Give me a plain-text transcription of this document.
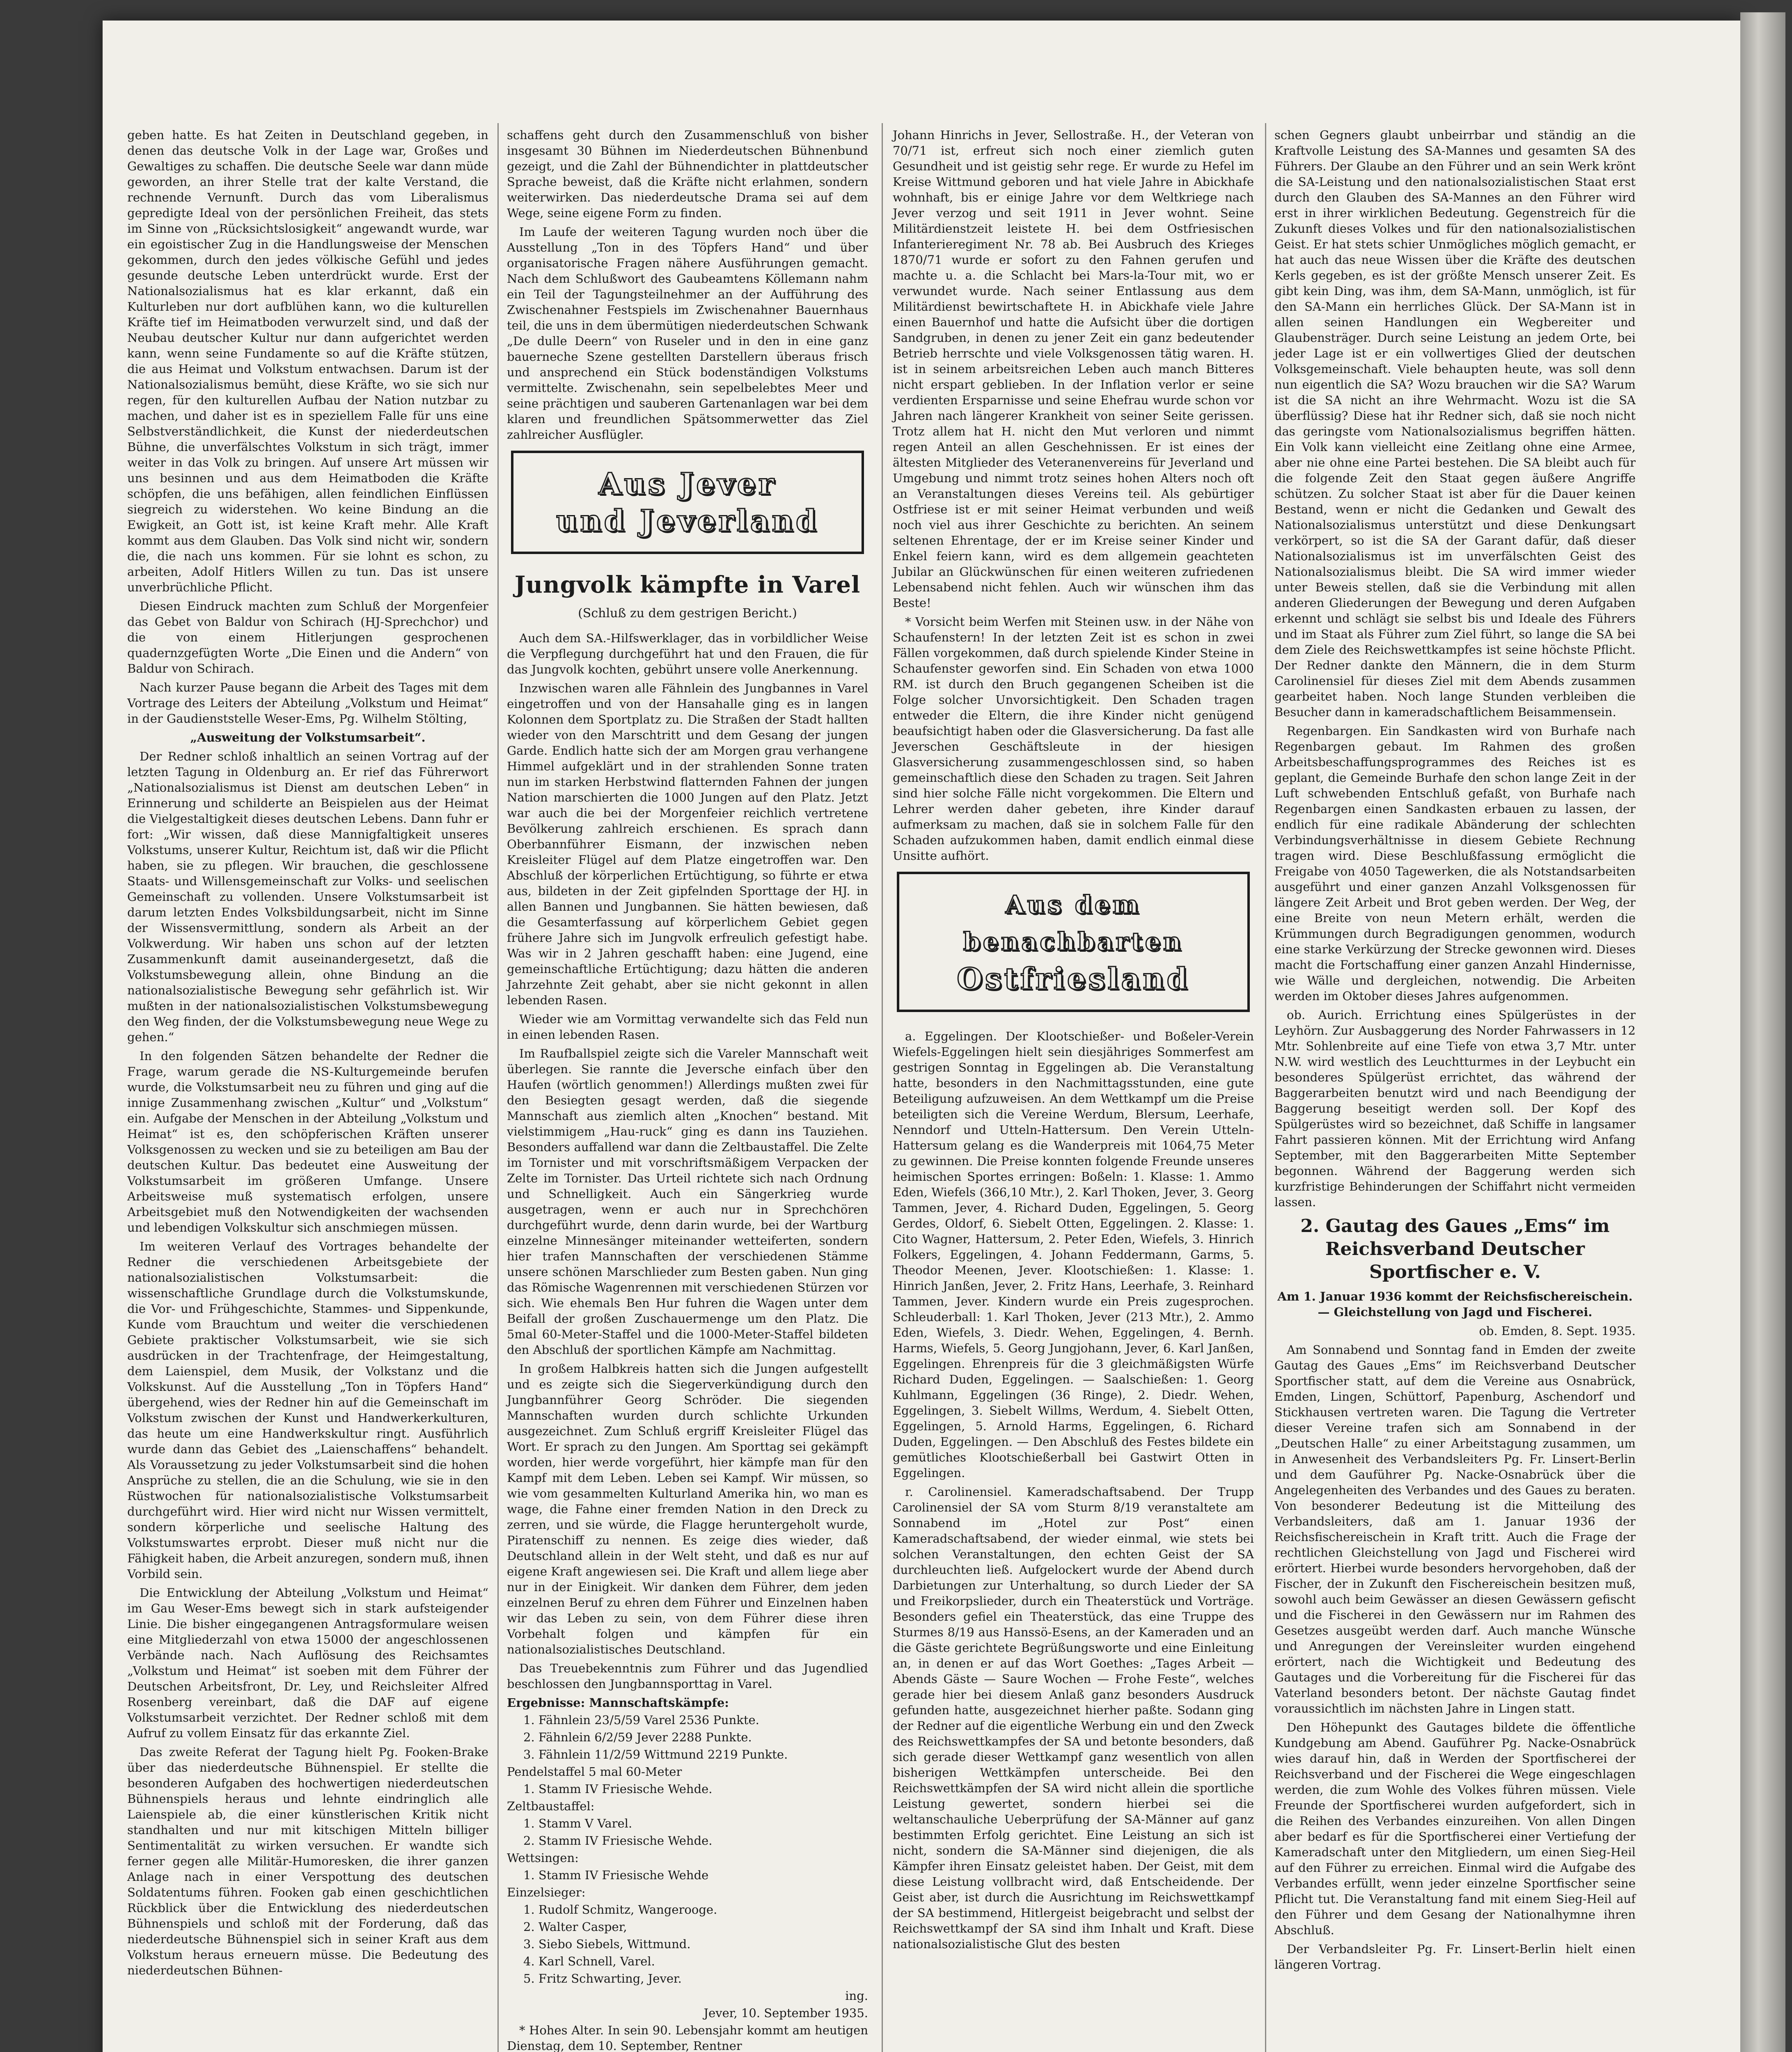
geben hatte. Es hat Zeiten in Deutschland gegeben, in denen das deutsche Volk in der Lage war, Großes und Gewaltiges zu schaffen. Die deutsche Seele war dann müde geworden, an ihrer Stelle trat der kalte Verstand, die rechnende Vernunft. Durch das vom Liberalismus gepredigte Ideal von der persönlichen Freiheit, das stets im Sinne von „Rücksichtslosigkeit“ angewandt wurde, war ein egoistischer Zug in die Handlungsweise der Menschen gekommen, durch den jedes völkische Gefühl und jedes gesunde deutsche Leben unterdrückt wurde. Erst der Nationalsozialismus hat es klar erkannt, daß ein Kulturleben nur dort aufblühen kann, wo die kulturellen Kräfte tief im Heimatboden verwurzelt sind, und daß der Neubau deutscher Kultur nur dann aufgerichtet werden kann, wenn seine Fundamente so auf die Kräfte stützen, die aus Heimat und Volkstum entwachsen. Darum ist der Nationalsozialismus bemüht, diese Kräfte, wo sie sich nur regen, für den kulturellen Aufbau der Nation nutzbar zu machen, und daher ist es in speziellem Falle für uns eine Selbstverständlichkeit, die Kunst der niederdeutschen Bühne, die unverfälschtes Volkstum in sich trägt, immer weiter in das Volk zu bringen. Auf unsere Art müssen wir uns besinnen und aus dem Heimatboden die Kräfte schöpfen, die uns befähigen, allen feindlichen Einflüssen siegreich zu widerstehen. Wo keine Bindung an die Ewigkeit, an Gott ist, ist keine Kraft mehr. Alle Kraft kommt aus dem Glauben. Das Volk sind nicht wir, sondern die, die nach uns kommen. Für sie lohnt es schon, zu arbeiten, Adolf Hitlers Willen zu tun. Das ist unsere unverbrüchliche Pflicht.

Diesen Eindruck machten zum Schluß der Morgenfeier das Gebet von Baldur von Schirach (HJ-Sprechchor) und die von einem Hitlerjungen gesprochenen quadernzgefügten Worte „Die Einen und die Andern“ von Baldur von Schirach.

Nach kurzer Pause begann die Arbeit des Tages mit dem Vortrage des Leiters der Abteilung „Volkstum und Heimat“ in der Gaudienststelle Weser-Ems, Pg. Wilhelm Stölting,

„Ausweitung der Volkstumsarbeit“.

Der Redner schloß inhaltlich an seinen Vortrag auf der letzten Tagung in Oldenburg an. Er rief das Führerwort „Nationalsozialismus ist Dienst am deutschen Leben“ in Erinnerung und schilderte an Beispielen aus der Heimat die Vielgestaltigkeit dieses deutschen Lebens. Dann fuhr er fort: „Wir wissen, daß diese Mannigfaltigkeit unseres Volkstums, unserer Kultur, Reichtum ist, daß wir die Pflicht haben, sie zu pflegen. Wir brauchen, die geschlossene Staats- und Willensgemeinschaft zur Volks- und seelischen Gemeinschaft zu vollenden. Unsere Volkstumsarbeit ist darum letzten Endes Volksbildungsarbeit, nicht im Sinne der Wissensvermittlung, sondern als Arbeit an der Volkwerdung. Wir haben uns schon auf der letzten Zusammenkunft damit auseinandergesetzt, daß die Volkstumsbewegung allein, ohne Bindung an die nationalsozialistische Bewegung sehr gefährlich ist. Wir mußten in der nationalsozialistischen Volkstumsbewegung den Weg finden, der die Volkstumsbewegung neue Wege zu gehen.“

In den folgenden Sätzen behandelte der Redner die Frage, warum gerade die NS-Kulturgemeinde berufen wurde, die Volkstumsarbeit neu zu führen und ging auf die innige Zusammenhang zwischen „Kultur“ und „Volkstum“ ein. Aufgabe der Menschen in der Abteilung „Volkstum und Heimat“ ist es, den schöpferischen Kräften unserer Volksgenossen zu wecken und sie zu beteiligen am Bau der deutschen Kultur. Das bedeutet eine Ausweitung der Volkstumsarbeit im größeren Umfange. Unsere Arbeitsweise muß systematisch erfolgen, unsere Arbeitsgebiet muß den Notwendigkeiten der wachsenden und lebendigen Volkskultur sich anschmiegen müssen.

Im weiteren Verlauf des Vortrages behandelte der Redner die verschiedenen Arbeitsgebiete der nationalsozialistischen Volkstumsarbeit: die wissenschaftliche Grundlage durch die Volkstumskunde, die Vor- und Frühgeschichte, Stammes- und Sippenkunde, Kunde vom Brauchtum und weiter die verschiedenen Gebiete praktischer Volkstumsarbeit, wie sie sich ausdrücken in der Trachtenfrage, der Heimgestaltung, dem Laienspiel, dem Musik, der Volkstanz und die Volkskunst. Auf die Ausstellung „Ton in Töpfers Hand“ übergehend, wies der Redner hin auf die Gemeinschaft im Volkstum zwischen der Kunst und Handwerkerkulturen, das heute um eine Handwerkskultur ringt. Ausführlich wurde dann das Gebiet des „Laienschaffens“ behandelt. Als Voraussetzung zu jeder Volkstumsarbeit sind die hohen Ansprüche zu stellen, die an die Schulung, wie sie in den Rüstwochen für nationalsozialistische Volkstumsarbeit durchgeführt wird. Hier wird nicht nur Wissen vermittelt, sondern körperliche und seelische Haltung des Volkstumswartes erprobt. Dieser muß nicht nur die Fähigkeit haben, die Arbeit anzuregen, sondern muß, ihnen Vorbild sein.

Die Entwicklung der Abteilung „Volkstum und Heimat“ im Gau Weser-Ems bewegt sich in stark aufsteigender Linie. Die bisher eingegangenen Antragsformulare weisen eine Mitgliederzahl von etwa 15000 der angeschlossenen Verbände nach. Nach Auflösung des Reichsamtes „Volkstum und Heimat“ ist soeben mit dem Führer der Deutschen Arbeitsfront, Dr. Ley, und Reichsleiter Alfred Rosenberg vereinbart, daß die DAF auf eigene Volkstumsarbeit verzichtet. Der Redner schloß mit dem Aufruf zu vollem Einsatz für das erkannte Ziel.

Das zweite Referat der Tagung hielt Pg. Fooken-Brake über das niederdeutsche Bühnenspiel. Er stellte die besonderen Aufgaben des hochwertigen niederdeutschen Bühnenspiels heraus und lehnte eindringlich alle Laienspiele ab, die einer künstlerischen Kritik nicht standhalten und nur mit kitschigen Mitteln billiger Sentimentalität zu wirken versuchen. Er wandte sich ferner gegen alle Militär-Humoresken, die ihrer ganzen Anlage nach in einer Verspottung des deutschen Soldatentums führen. Fooken gab einen geschichtlichen Rückblick über die Entwicklung des niederdeutschen Bühnenspiels und schloß mit der Forderung, daß das niederdeutsche Bühnenspiel sich in seiner Kraft aus dem Volkstum heraus erneuern müsse. Die Bedeutung des niederdeutschen Bühnen-

schaffens geht durch den Zusammenschluß von bisher insgesamt 30 Bühnen im Niederdeutschen Bühnenbund gezeigt, und die Zahl der Bühnendichter in plattdeutscher Sprache beweist, daß die Kräfte nicht erlahmen, sondern weiterwirken. Das niederdeutsche Drama sei auf dem Wege, seine eigene Form zu finden.

Im Laufe der weiteren Tagung wurden noch über die Ausstellung „Ton in des Töpfers Hand“ und über organisatorische Fragen nähere Ausführungen gemacht. Nach dem Schlußwort des Gaubeamtens Köllemann nahm ein Teil der Tagungsteilnehmer an der Aufführung des Zwischenahner Festspiels im Zwischenahner Bauernhaus teil, die uns in dem übermütigen niederdeutschen Schwank „De dulle Deern“ von Ruseler und in den in eine ganz bauerneche Szene gestellten Darstellern überaus frisch und ansprechend ein Stück bodenständigen Volkstums vermittelte. Zwischenahn, sein sepelbelebtes Meer und seine prächtigen und sauberen Gartenanlagen war bei dem klaren und freundlichen Spätsommerwetter das Ziel zahlreicher Ausflügler.

Aus Jever
und Jeverland
Jungvolk kämpfte in Varel
(Schluß zu dem gestrigen Bericht.)

Auch dem SA.-Hilfswerklager, das in vorbildlicher Weise die Verpflegung durchgeführt hat und den Frauen, die für das Jungvolk kochten, gebührt unsere volle Anerkennung.

Inzwischen waren alle Fähnlein des Jungbannes in Varel eingetroffen und von der Hansahalle ging es in langen Kolonnen dem Sportplatz zu. Die Straßen der Stadt hallten wieder von den Marschtritt und dem Gesang der jungen Garde. Endlich hatte sich der am Morgen grau verhangene Himmel aufgeklärt und in der strahlenden Sonne traten nun im starken Herbstwind flatternden Fahnen der jungen Nation marschierten die 1000 Jungen auf den Platz. Jetzt war auch die bei der Morgenfeier reichlich vertretene Bevölkerung zahlreich erschienen. Es sprach dann Oberbannführer Eismann, der inzwischen neben Kreisleiter Flügel auf dem Platze eingetroffen war. Den Abschluß der körperlichen Ertüchtigung, so führte er etwa aus, bildeten in der Zeit gipfelnden Sporttage der HJ. in allen Bannen und Jungbannen. Sie hätten bewiesen, daß die Gesamterfassung auf körperlichem Gebiet gegen frühere Jahre sich im Jungvolk erfreulich gefestigt habe. Was wir in 2 Jahren geschafft haben: eine Jugend, eine gemeinschaftliche Ertüchtigung; dazu hätten die anderen Jahrzehnte Zeit gehabt, aber sie nicht gekonnt in allen lebenden Rasen.

Wieder wie am Vormittag verwandelte sich das Feld nun in einen lebenden Rasen.

Im Raufballspiel zeigte sich die Vareler Mannschaft weit überlegen. Sie rannte die Jeversche einfach über den Haufen (wörtlich genommen!) Allerdings mußten zwei für den Besiegten gesagt werden, daß die siegende Mannschaft aus ziemlich alten „Knochen“ bestand. Mit vielstimmigem „Hau-ruck“ ging es dann ins Tauziehen. Besonders auffallend war dann die Zeltbaustaffel. Die Zelte im Tornister und mit vorschriftsmäßigem Verpacken der Zelte im Tornister. Das Urteil richtete sich nach Ordnung und Schnelligkeit. Auch ein Sängerkrieg wurde ausgetragen, wenn er auch nur in Sprechchören durchgeführt wurde, denn darin wurde, bei der Wartburg einzelne Minnesänger miteinander wetteiferten, sondern hier trafen Mannschaften der verschiedenen Stämme unsere schönen Marschlieder zum Besten gaben. Nun ging das Römische Wagenrennen mit verschiedenen Stürzen vor sich. Wie ehemals Ben Hur fuhren die Wagen unter dem Beifall der großen Zuschauermenge um den Platz. Die 5mal 60-Meter-Staffel und die 1000-Meter-Staffel bildeten den Abschluß der sportlichen Kämpfe am Nachmittag.

In großem Halbkreis hatten sich die Jungen aufgestellt und es zeigte sich die Siegerverkündigung durch den Jungbannführer Georg Schröder. Die siegenden Mannschaften wurden durch schlichte Urkunden ausgezeichnet. Zum Schluß ergriff Kreisleiter Flügel das Wort. Er sprach zu den Jungen. Am Sporttag sei gekämpft worden, hier werde vorgeführt, hier kämpfe man für den Kampf mit dem Leben. Leben sei Kampf. Wir müssen, so wie vom gesammelten Kulturland Amerika hin, wo man es wage, die Fahne einer fremden Nation in den Dreck zu zerren, und sie würde, die Flagge heruntergeholt wurde, Piratenschiff zu nennen. Es zeige dies wieder, daß Deutschland allein in der Welt steht, und daß es nur auf eigene Kraft angewiesen sei. Die Kraft und allem liege aber nur in der Einigkeit. Wir danken dem Führer, dem jeden einzelnen Beruf zu ehren dem Führer und Einzelnen haben wir das Leben zu sein, von dem Führer diese ihren Vorbehalt folgen und kämpfen für ein nationalsozialistisches Deutschland.

Das Treuebekenntnis zum Führer und das Jugendlied beschlossen den Jungbannsporttag in Varel.

Ergebnisse: Mannschaftskämpfe:

1. Fähnlein 23/5/59 Varel 2536 Punkte.

2. Fähnlein 6/2/59 Jever 2288 Punkte.

3. Fähnlein 11/2/59 Wittmund 2219 Punkte.

Pendelstaffel 5 mal 60-Meter

1. Stamm IV Friesische Wehde.

Zeltbaustaffel:

1. Stamm V Varel.

2. Stamm IV Friesische Wehde.

Wettsingen:

1. Stamm IV Friesische Wehde

Einzelsieger:

1. Rudolf Schmitz, Wangerooge.

2. Walter Casper,

3. Siebo Siebels, Wittmund.

4. Karl Schnell, Varel.

5. Fritz Schwarting, Jever.

ing.

Jever, 10. September 1935.

* Hohes Alter. In sein 90. Lebensjahr kommt am heutigen Dienstag, dem 10. September, Rentner

Johann Hinrichs in Jever, Sellostraße. H., der Veteran von 70/71 ist, erfreut sich noch einer ziemlich guten Gesundheit und ist geistig sehr rege. Er wurde zu Hefel im Kreise Wittmund geboren und hat viele Jahre in Abickhafe wohnhaft, bis er einige Jahre vor dem Weltkriege nach Jever verzog und seit 1911 in Jever wohnt. Seine Militärdienstzeit leistete H. bei dem Ostfriesischen Infanterieregiment Nr. 78 ab. Bei Ausbruch des Krieges 1870/71 wurde er sofort zu den Fahnen gerufen und machte u. a. die Schlacht bei Mars-la-Tour mit, wo er verwundet wurde. Nach seiner Entlassung aus dem Militärdienst bewirtschaftete H. in Abickhafe viele Jahre einen Bauernhof und hatte die Aufsicht über die dortigen Sandgruben, in denen zu jener Zeit ein ganz bedeutender Betrieb herrschte und viele Volksgenossen tätig waren. H. ist in seinem arbeitsreichen Leben auch manch Bitteres nicht erspart geblieben. In der Inflation verlor er seine verdienten Ersparnisse und seine Ehefrau wurde schon vor Jahren nach längerer Krankheit von seiner Seite gerissen. Trotz allem hat H. nicht den Mut verloren und nimmt regen Anteil an allen Geschehnissen. Er ist eines der ältesten Mitglieder des Veteranenvereins für Jeverland und Umgebung und nimmt trotz seines hohen Alters noch oft an Veranstaltungen dieses Vereins teil. Als gebürtiger Ostfriese ist er mit seiner Heimat verbunden und weiß noch viel aus ihrer Geschichte zu berichten. An seinem seltenen Ehrentage, der er im Kreise seiner Kinder und Enkel feiern kann, wird es dem allgemein geachteten Jubilar an Glückwünschen für einen weiteren zufriedenen Lebensabend nicht fehlen. Auch wir wünschen ihm das Beste!

* Vorsicht beim Werfen mit Steinen usw. in der Nähe von Schaufenstern! In der letzten Zeit ist es schon in zwei Fällen vorgekommen, daß durch spielende Kinder Steine in Schaufenster geworfen sind. Ein Schaden von etwa 1000 RM. ist durch den Bruch gegangenen Scheiben ist die Folge solcher Unvorsichtigkeit. Den Schaden tragen entweder die Eltern, die ihre Kinder nicht genügend beaufsichtigt haben oder die Glasversicherung. Da fast alle Jeverschen Geschäftsleute in der hiesigen Glasversicherung zusammengeschlossen sind, so haben gemeinschaftlich diese den Schaden zu tragen. Seit Jahren sind hier solche Fälle nicht vorgekommen. Die Eltern und Lehrer werden daher gebeten, ihre Kinder darauf aufmerksam zu machen, daß sie in solchem Falle für den Schaden aufzukommen haben, damit endlich einmal diese Unsitte aufhört.

Aus dem benachbarten
Ostfriesland

a. Eggelingen. Der Klootschießer- und Boßeler-Verein Wiefels-Eggelingen hielt sein diesjähriges Sommerfest am gestrigen Sonntag in Eggelingen ab. Die Veranstaltung hatte, besonders in den Nachmittagsstunden, eine gute Beteiligung aufzuweisen. An dem Wettkampf um die Preise beteiligten sich die Vereine Werdum, Blersum, Leerhafe, Nenndorf und Utteln-Hattersum. Den Verein Utteln-Hattersum gelang es die Wanderpreis mit 1064,75 Meter zu gewinnen. Die Preise konnten folgende Freunde unseres heimischen Sportes erringen: Boßeln: 1. Klasse: 1. Ammo Eden, Wiefels (366,10 Mtr.), 2. Karl Thoken, Jever, 3. Georg Tammen, Jever, 4. Richard Duden, Eggelingen, 5. Georg Gerdes, Oldorf, 6. Siebelt Otten, Eggelingen. 2. Klasse: 1. Cito Wagner, Hattersum, 2. Peter Eden, Wiefels, 3. Hinrich Folkers, Eggelingen, 4. Johann Feddermann, Garms, 5. Theodor Meenen, Jever. Klootschießen: 1. Klasse: 1. Hinrich Janßen, Jever, 2. Fritz Hans, Leerhafe, 3. Reinhard Tammen, Jever. Kindern wurde ein Preis zugesprochen. Schleuderball: 1. Karl Thoken, Jever (213 Mtr.), 2. Ammo Eden, Wiefels, 3. Diedr. Wehen, Eggelingen, 4. Bernh. Harms, Wiefels, 5. Georg Jungjohann, Jever, 6. Karl Janßen, Eggelingen. Ehrenpreis für die 3 gleichmäßigsten Würfe Richard Duden, Eggelingen. — Saalschießen: 1. Georg Kuhlmann, Eggelingen (36 Ringe), 2. Diedr. Wehen, Eggelingen, 3. Siebelt Willms, Werdum, 4. Siebelt Otten, Eggelingen, 5. Arnold Harms, Eggelingen, 6. Richard Duden, Eggelingen. — Den Abschluß des Festes bildete ein gemütliches Klootschießerball bei Gastwirt Otten in Eggelingen.

r. Carolinensiel. Kameradschaftsabend. Der Trupp Carolinensiel der SA vom Sturm 8/19 veranstaltete am Sonnabend im „Hotel zur Post“ einen Kameradschaftsabend, der wieder einmal, wie stets bei solchen Veranstaltungen, den echten Geist der SA durchleuchten ließ. Aufgelockert wurde der Abend durch Darbietungen zur Unterhaltung, so durch Lieder der SA und Freikorpslieder, durch ein Theaterstück und Vorträge. Besonders gefiel ein Theaterstück, das eine Truppe des Sturmes 8/19 aus Hanssö-Esens, an der Kameraden und an die Gäste gerichtete Begrüßungsworte und eine Einleitung an, in denen er auf das Wort Goethes: „Tages Arbeit — Abends Gäste — Saure Wochen — Frohe Feste“, welches gerade hier bei diesem Anlaß ganz besonders Ausdruck gefunden hatte, ausgezeichnet hierher paßte. Sodann ging der Redner auf die eigentliche Werbung ein und den Zweck des Reichswettkampfes der SA und betonte besonders, daß sich gerade dieser Wettkampf ganz wesentlich von allen bisherigen Wettkämpfen unterscheide. Bei den Reichswettkämpfen der SA wird nicht allein die sportliche Leistung gewertet, sondern hierbei sei die weltanschauliche Ueberprüfung der SA-Männer auf ganz bestimmten Erfolg gerichtet. Eine Leistung an sich ist nicht, sondern die SA-Männer sind diejenigen, die als Kämpfer ihren Einsatz geleistet haben. Der Geist, mit dem diese Leistung vollbracht wird, daß Entscheidende. Der Geist aber, ist durch die Ausrichtung im Reichswettkampf der SA bestimmend, Hitlergeist beigebracht und selbst der Reichswettkampf der SA sind ihm Inhalt und Kraft. Diese nationalsozialistische Glut des besten

schen Gegners glaubt unbeirrbar und ständig an die Kraftvolle Leistung des SA-Mannes und gesamten SA des Führers. Der Glaube an den Führer und an sein Werk krönt die SA-Leistung und den nationalsozialistischen Staat erst durch den Glauben des SA-Mannes an den Führer wird erst in ihrer wirklichen Bedeutung. Gegenstreich für die Zukunft dieses Volkes und für den nationalsozialistischen Geist. Er hat stets schier Unmögliches möglich gemacht, er hat auch das neue Wissen über die Kräfte des deutschen Kerls gegeben, es ist der größte Mensch unserer Zeit. Es gibt kein Ding, was ihm, dem SA-Mann, unmöglich, ist für den SA-Mann ein herrliches Glück. Der SA-Mann ist in allen seinen Handlungen ein Wegbereiter und Glaubensträger. Durch seine Leistung an jedem Orte, bei jeder Lage ist er ein vollwertiges Glied der deutschen Volksgemeinschaft. Viele behaupten heute, was soll denn nun eigentlich die SA? Wozu brauchen wir die SA? Warum ist die SA nicht an ihre Wehrmacht. Wozu ist die SA überflüssig? Diese hat ihr Redner sich, daß sie noch nicht das geringste vom Nationalsozialismus begriffen hätten. Ein Volk kann vielleicht eine Zeitlang ohne eine Armee, aber nie ohne eine Partei bestehen. Die SA bleibt auch für die folgende Zeit den Staat gegen äußere Angriffe schützen. Zu solcher Staat ist aber für die Dauer keinen Bestand, wenn er nicht die Gedanken und Gewalt des Nationalsozialismus unterstützt und diese Denkungsart verkörpert, so ist die SA der Garant dafür, daß dieser Nationalsozialismus ist im unverfälschten Geist des Nationalsozialismus bleibt. Die SA wird immer wieder unter Beweis stellen, daß sie die Verbindung mit allen anderen Gliederungen der Bewegung und deren Aufgaben erkennt und schlägt sie selbst bis und Ideale des Führers und im Staat als Führer zum Ziel führt, so lange die SA bei dem Ziele des Reichswettkampfes ist seine höchste Pflicht. Der Redner dankte den Männern, die in dem Sturm Carolinensiel für dieses Ziel mit dem Abends zusammen gearbeitet haben. Noch lange Stunden verbleiben die Besucher dann in kameradschaftlichem Beisammensein.

Regenbargen. Ein Sandkasten wird von Burhafe nach Regenbargen gebaut. Im Rahmen des großen Arbeitsbeschaffungsprogrammes des Reiches ist es geplant, die Gemeinde Burhafe den schon lange Zeit in der Luft schwebenden Entschluß gefaßt, von Burhafe nach Regenbargen einen Sandkasten erbauen zu lassen, der endlich für eine radikale Abänderung der schlechten Verbindungsverhältnisse in diesem Gebiete Rechnung tragen wird. Diese Beschlußfassung ermöglicht die Freigabe von 4050 Tagewerken, die als Notstandsarbeiten ausgeführt und einer ganzen Anzahl Volksgenossen für längere Zeit Arbeit und Brot geben werden. Der Weg, der eine Breite von neun Metern erhält, werden die Krümmungen durch Begradigungen genommen, wodurch eine starke Verkürzung der Strecke gewonnen wird. Dieses macht die Fortschaffung einer ganzen Anzahl Hindernisse, wie Wälle und dergleichen, notwendig. Die Arbeiten werden im Oktober dieses Jahres aufgenommen.

ob. Aurich. Errichtung eines Spülgerüstes in der Leyhörn. Zur Ausbaggerung des Norder Fahrwassers in 12 Mtr. Sohlenbreite auf eine Tiefe von etwa 3,7 Mtr. unter N.W. wird westlich des Leuchtturmes in der Leybucht ein besonderes Spülgerüst errichtet, das während der Baggerarbeiten benutzt wird und nach Beendigung der Baggerung beseitigt werden soll. Der Kopf des Spülgerüstes wird so bezeichnet, daß Schiffe in langsamer Fahrt passieren können. Mit der Errichtung wird Anfang September, mit den Baggerarbeiten Mitte September begonnen. Während der Baggerung werden sich kurzfristige Behinderungen der Schiffahrt nicht vermeiden lassen.

2. Gautag des Gaues „Ems“ im Reichsverband Deutscher Sportfischer e. V.

Am 1. Januar 1936 kommt der Reichsfischereischein. — Gleichstellung von Jagd und Fischerei.

ob. Emden, 8. Sept. 1935.

Am Sonnabend und Sonntag fand in Emden der zweite Gautag des Gaues „Ems“ im Reichsverband Deutscher Sportfischer statt, auf dem die Vereine aus Osnabrück, Emden, Lingen, Schüttorf, Papenburg, Aschendorf und Stickhausen vertreten waren. Die Tagung die Vertreter dieser Vereine trafen sich am Sonnabend in der „Deutschen Halle“ zu einer Arbeitstagung zusammen, um in Anwesenheit des Verbandsleiters Pg. Fr. Linsert-Berlin und dem Gauführer Pg. Nacke-Osnabrück über die Angelegenheiten des Verbandes und des Gaues zu beraten. Von besonderer Bedeutung ist die Mitteilung des Verbandsleiters, daß am 1. Januar 1936 der Reichsfischereischein in Kraft tritt. Auch die Frage der rechtlichen Gleichstellung von Jagd und Fischerei wird erörtert. Hierbei wurde besonders hervorgehoben, daß der Fischer, der in Zukunft den Fischereischein besitzen muß, sowohl auch beim Gewässer an diesen Gewässern gefischt und die Fischerei in den Gewässern nur im Rahmen des Gesetzes ausgeübt werden darf. Auch manche Wünsche und Anregungen der Vereinsleiter wurden eingehend erörtert, nach die Wichtigkeit und Bedeutung des Gautages und die Vorbereitung für die Fischerei für das Vaterland besonders betont. Der nächste Gautag findet voraussichtlich im nächsten Jahre in Lingen statt.

Den Höhepunkt des Gautages bildete die öffentliche Kundgebung am Abend. Gauführer Pg. Nacke-Osnabrück wies darauf hin, daß in Werden der Sportfischerei der Reichsverband und der Fischerei die Wege eingeschlagen werden, die zum Wohle des Volkes führen müssen. Viele Freunde der Sportfischerei wurden aufgefordert, sich in die Reihen des Verbandes einzureihen. Von allen Dingen aber bedarf es für die Sportfischerei einer Vertiefung der Kameradschaft unter den Mitgliedern, um einen Sieg-Heil auf den Führer zu erreichen. Einmal wird die Aufgabe des Verbandes erfüllt, wenn jeder einzelne Sportfischer seine Pflicht tut. Die Veranstaltung fand mit einem Sieg-Heil auf den Führer und dem Gesang der Nationalhymne ihren Abschluß.

Der Verbandsleiter Pg. Fr. Linsert-Berlin hielt einen längeren Vortrag.
